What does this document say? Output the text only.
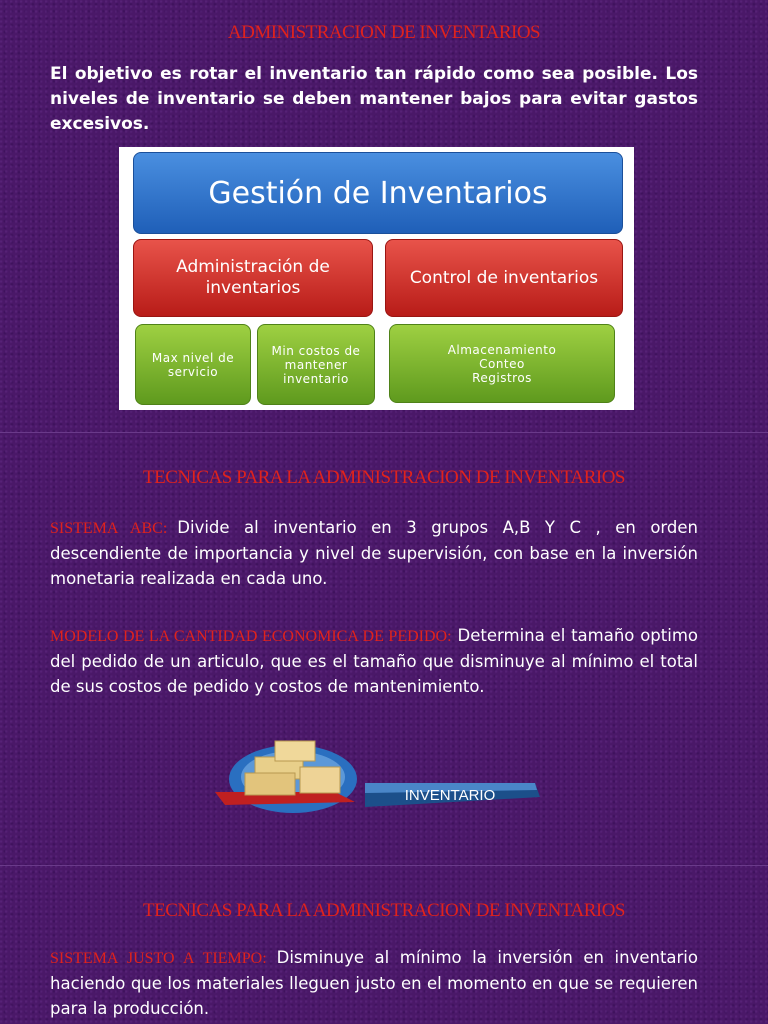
ADMINISTRACION DE INVENTARIOS
El objetivo es rotar el inventario tan rápido como sea posible. Los niveles de inventario se deben mantener bajos para evitar gastos excesivos.
Gestión de Inventarios
Administración de inventarios
Control de inventarios
Max nivel de servicio
Min costos de mantener inventario
Almacenamiento Conteo Registros
TECNICAS PARA LA ADMINISTRACION DE INVENTARIOS
SISTEMA ABC: Divide al inventario en 3 grupos A,B Y C , en orden descendiente de importancia y nivel de supervisión, con base en la inversión monetaria realizada en cada uno.
MODELO DE LA CANTIDAD ECONOMICA DE PEDIDO: Determina el tamaño optimo del pedido de un articulo, que es el tamaño que disminuye al mínimo el total de sus costos de pedido y costos de mantenimiento.
INVENTARIO
TECNICAS PARA LA ADMINISTRACION DE INVENTARIOS
SISTEMA JUSTO A TIEMPO: Disminuye al mínimo la inversión en inventario haciendo que los materiales lleguen justo en el momento en que se requieren para la producción.
